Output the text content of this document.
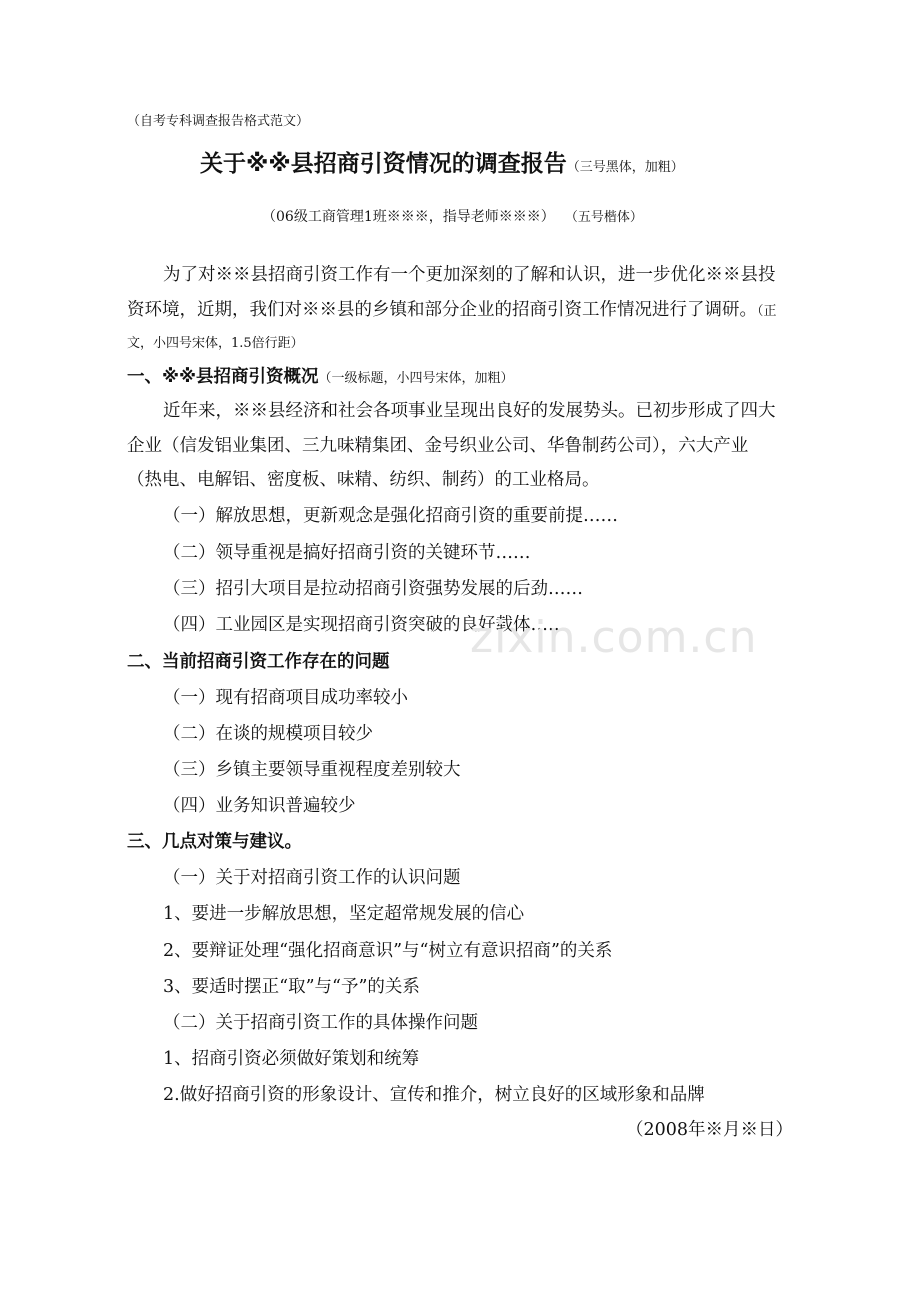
（自考专科调查报告格式范文）
关于※※县招商引资情况的调查报告（三号黑体，加粗）
（06级工商管理1班※※※，指导老师※※※） （五号楷体）
为了对※※县招商引资工作有一个更加深刻的了解和认识，进一步优化※※县投
资环境，近期，我们对※※县的乡镇和部分企业的招商引资工作情况进行了调研。（正
文，小四号宋体，1.5倍行距）
一、※※县招商引资概况（一级标题，小四号宋体，加粗）
近年来，※※县经济和社会各项事业呈现出良好的发展势头。已初步形成了四大
企业（信发铝业集团、三九味精集团、金号织业公司、华鲁制药公司），六大产业
（热电、电解铝、密度板、味精、纺织、制药）的工业格局。
（一）解放思想，更新观念是强化招商引资的重要前提……
（二）领导重视是搞好招商引资的关键环节……
（三）招引大项目是拉动招商引资强势发展的后劲……
（四）工业园区是实现招商引资突破的良好载体……
二、当前招商引资工作存在的问题
（一）现有招商项目成功率较小
（二）在谈的规模项目较少
（三）乡镇主要领导重视程度差别较大
（四）业务知识普遍较少
三、几点对策与建议。
（一）关于对招商引资工作的认识问题
1、要进一步解放思想，坚定超常规发展的信心
2、要辩证处理“强化招商意识”与“树立有意识招商”的关系
3、要适时摆正“取”与“予”的关系
（二）关于招商引资工作的具体操作问题
1、招商引资必须做好策划和统筹
2.做好招商引资的形象设计、宣传和推介，树立良好的区域形象和品牌
（2008年※月※日）
zixin.com.cn
